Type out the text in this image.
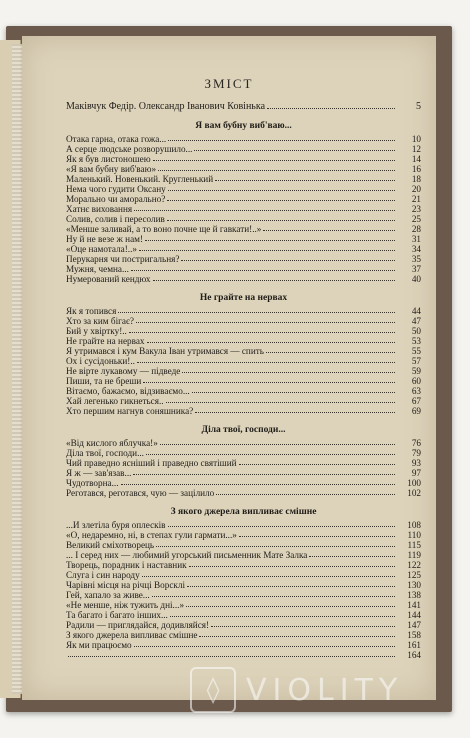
ЗМІСТ
Маківчук Федір. Олександр Іванович Ковінька	5
Я вам бубну виб'ваю...
Отака гарна, отака гожа...	10
А серце людське розворушило...	12
Як я був листоношею	14
«Я вам бубну виб'ваю»	16
Маленький. Новенький. Кругленький	18
Нема чого гудити Оксану	20
Морально чи аморально?	21
Хатнє виховання	23
Солив, солив і пересолив	25
«Менше заливай, а то воно почне ще й гавкати!..»	28
Ну й не везе ж нам!	31
«Оце намотала!..»	34
Перукарня чи постригальня?	35
Мужня, чемна...	37
Нумерований кендюх	40
Не грайте на нервах
Як я топився	44
Хто за ким бігає?	47
Бий у хвіртку!..	50
Не грайте на нервах	53
Я утримався і кум Вакула Іван утримався — спить	55
Ох і сусідоньки!..	57
Не вірте лукавому — підведе	59
Пиши, та не бреши	60
Вітаємо, бажаємо, відзиваємо...	63
Хай легенько гикнеться..	67
Хто першим нагнув соняшника?	69
Діла твої, господи...
«Від кислого яблучка!»	76
Діла твої, господи...	79
Чий праведно ясніший і праведно святіший	93
Я ж — зав'язав...	97
Чудотворна...	100
Реготався, реготався, чую — зацілило	102
З якого джерела випливає смішне
...И злетіла буря оплесків	108
«О, недаремно, ні, в степах гули гармати...»	110
Великий сміхотворець	115
... І серед них — любимий угорський письменник Мате Залка	119
Творець, порадник і наставник	122
Слуга і син народу	125
Чарівні місця на річці Ворсклі	130
Гей, хапало за живе...	138
«Не менше, ніж тужить дні...»	141
Та багато і багато інших...	144
Радили — приглядайся, додивляйся!	147
З якого джерела випливає смішне	158
Як ми працюємо	161
164
◊ VIOLITY
